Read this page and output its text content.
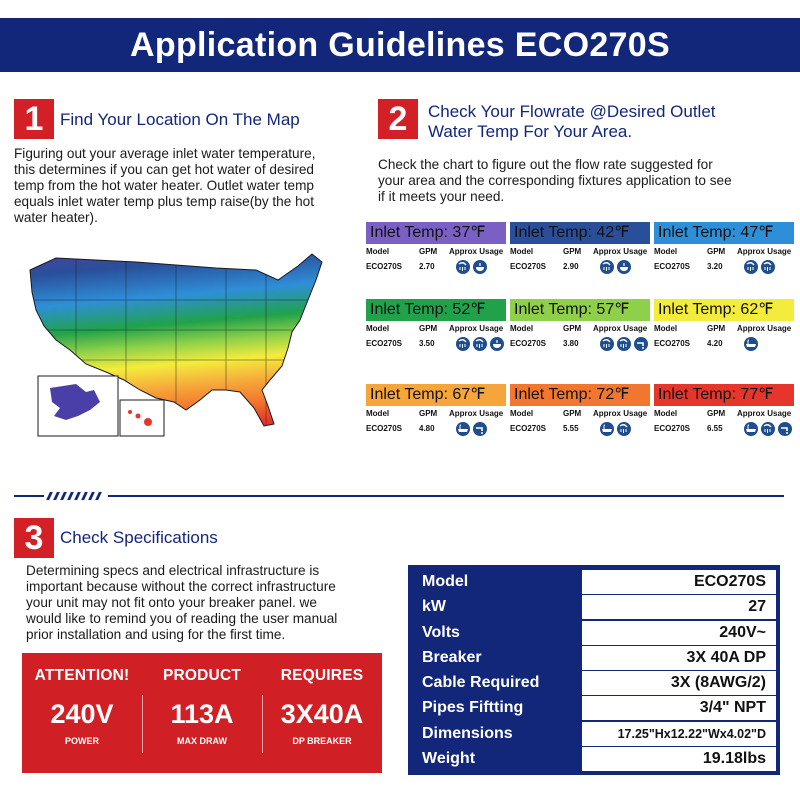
Application Guidelines ECO270S
1 Find Your Location On The Map
Figuring out your average inlet water temperature,
this determines if you can get hot water of desired
temp from the hot water heater. Outlet water temp
equals inlet water temp plus temp raise(by the hot
water heater).
2	Check Your Flowrate @Desired Outlet
Water Temp For Your Area.
Check the chart to figure out the flow rate suggested for
your area and the corresponding fixtures application to see
if it meets your need.
Inlet Temp: 37℉
Model	GPM Approx Usage
ECO270S 2.70
Inlet Temp: 42℉
Model	GPM Approx Usage
ECO270S 2.90
Inlet Temp: 47℉
Model	GPM Approx Usage
ECO270S 3.20
Inlet Temp: 52℉
Model	GPM Approx Usage
ECO270S 3.50
Inlet Temp: 57℉
Model	GPM Approx Usage
ECO270S 3.80
Inlet Temp: 62℉
Model	GPM Approx Usage
ECO270S 4.20
Inlet Temp: 67℉
Model	GPM Approx Usage
ECO270S 4.80
Inlet Temp: 72℉
Model	GPM Approx Usage
ECO270S 5.55
Inlet Temp: 77℉
Model	GPM Approx Usage
ECO270S 6.55
3 Check Specifications
Determining specs and electrical infrastructure is
important because without the correct infrastructure
your unit may not fit onto your breaker panel. we
would like to remind you of reading the user manual
prior installation and using for the first time.
ATTENTION!
240V
POWER
PRODUCT
113A
MAX DRAW
REQUIRES
3X40A
DP BREAKER
Model	ECO270S
kW	27
Volts	240V~
Breaker	3X 40A DP
Cable Required	3X (8AWG/2)
Pipes Fiftting	3/4" NPT
Dimensions	17.25"Hx12.22"Wx4.02"D
Weight	19.18lbs
